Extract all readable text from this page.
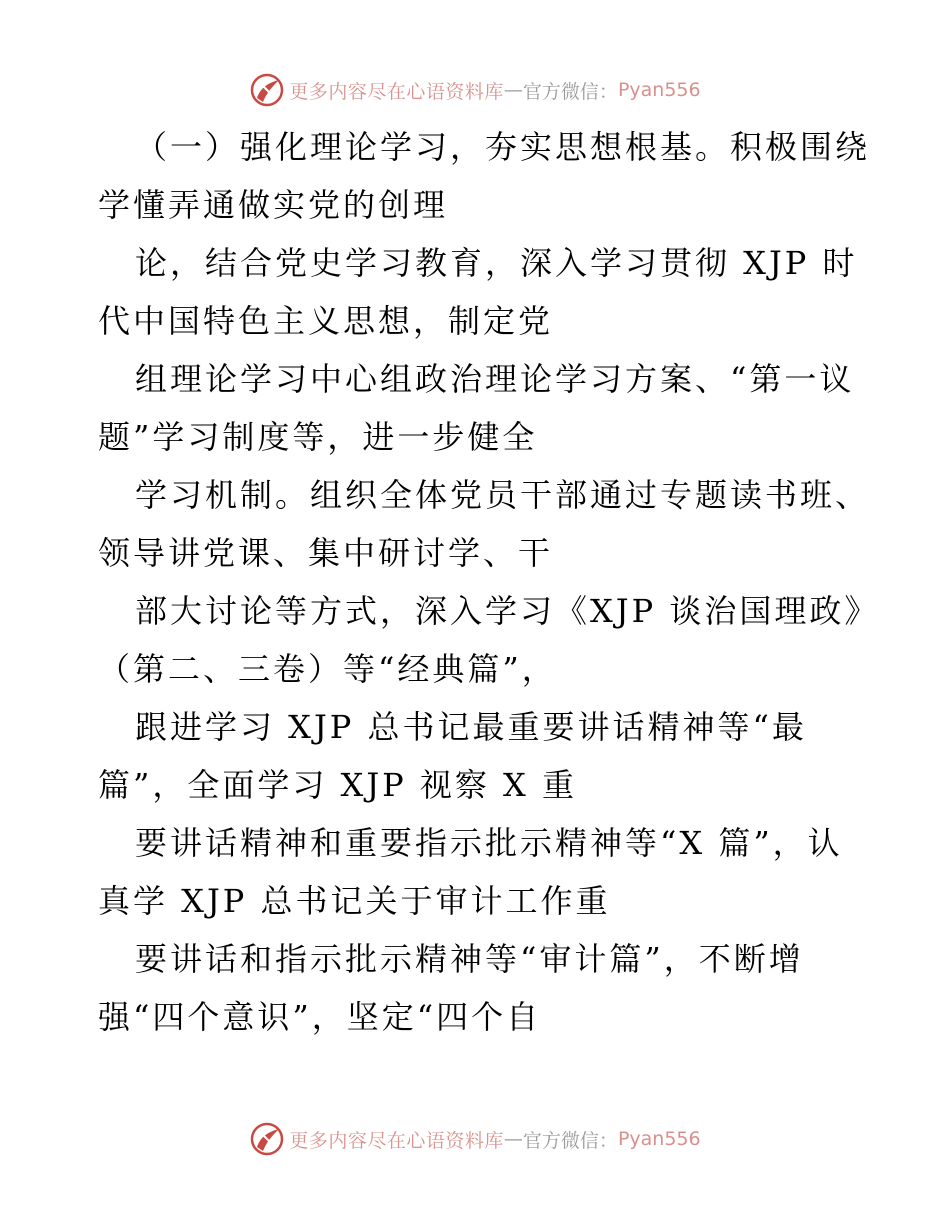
更多内容尽在心语资料库 — 官方微信： Pyan556
（一）强化理论学习，夯实思想根基。积极围绕
学懂弄通做实党的创理
论，结合党史学习教育，深入学习贯彻 XJP 时
代中国特色主义思想，制定党
组理论学习中心组政治理论学习方案、“第一议
题”学习制度等，进一步健全
学习机制。组织全体党员干部通过专题读书班、
领导讲党课、集中研讨学、干
部大讨论等方式，深入学习《XJP 谈治国理政》
（第二、三卷）等“经典篇”，
跟进学习 XJP 总书记最重要讲话精神等“最
篇”，全面学习 XJP 视察 X 重
要讲话精神和重要指示批示精神等“X 篇”，认
真学 XJP 总书记关于审计工作重
要讲话和指示批示精神等“审计篇”，不断增
强“四个意识”，坚定“四个自
更多内容尽在心语资料库 — 官方微信： Pyan556
